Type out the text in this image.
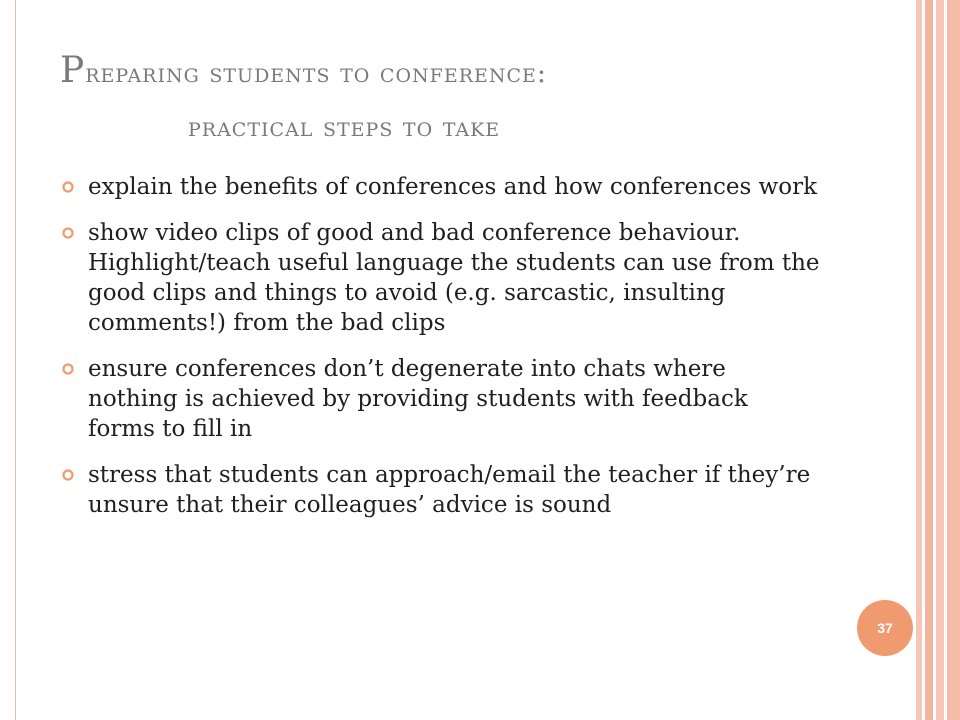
Preparing students to conference:
practical steps to take
explain the benefits of conferences and how conferences work
show video clips of good and bad conference behaviour. Highlight/teach useful language the students can use from the good clips and things to avoid (e.g. sarcastic, insulting comments!) from the bad clips
ensure conferences don’t degenerate into chats where nothing is achieved by providing students with feedback forms to fill in
stress that students can approach/email the teacher if they’re unsure that their colleagues’ advice is sound
37
